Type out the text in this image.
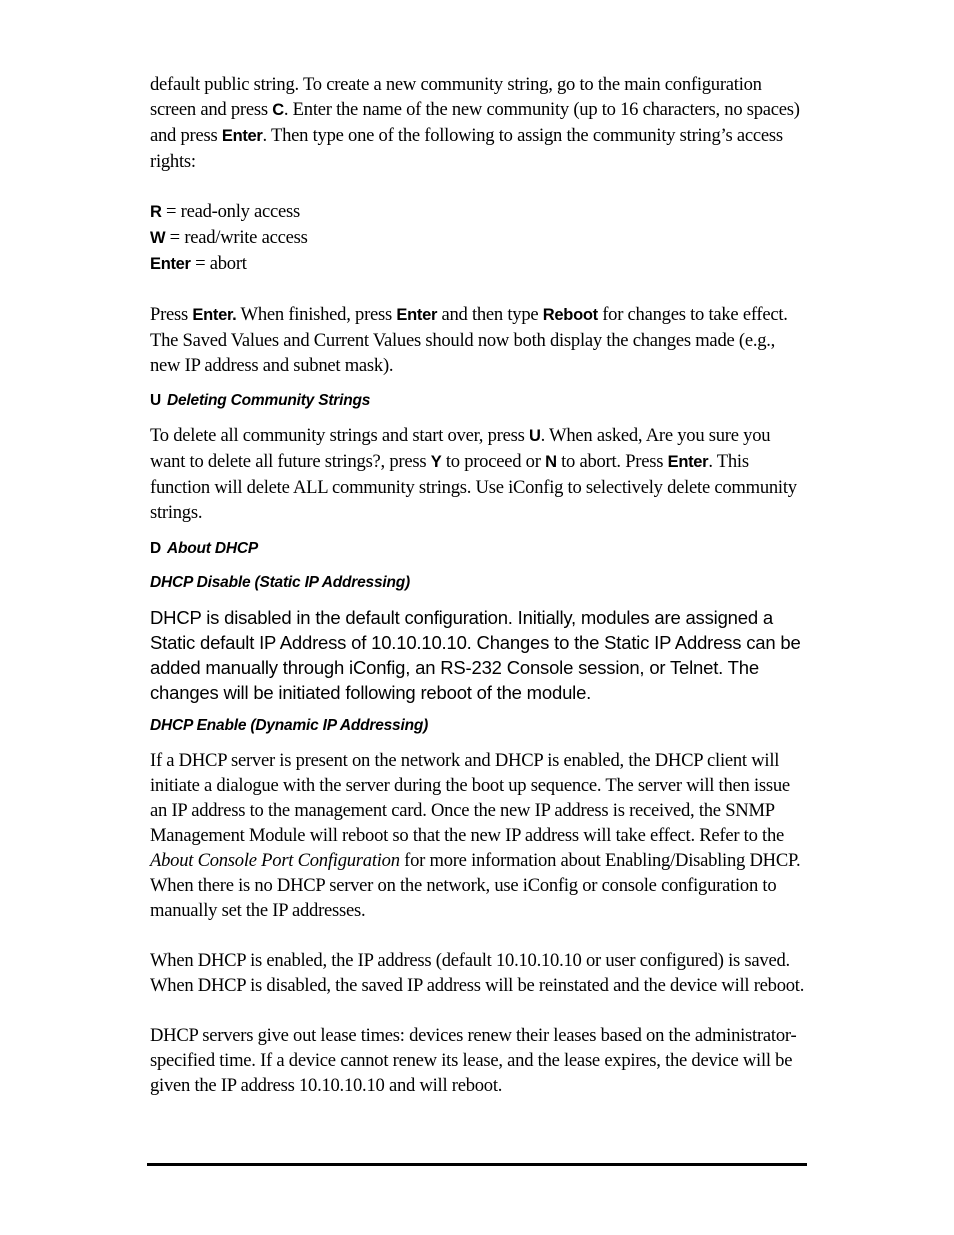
default public string. To create a new community string, go to the main configuration screen and press C. Enter the name of the new community (up to 16 characters, no spaces) and press Enter. Then type one of the following to assign the community string’s access rights:

R = read-only access

W = read/write access

Enter = abort

Press Enter. When finished, press Enter and then type Reboot for changes to take effect. The Saved Values and Current Values should now both display the changes made (e.g., new IP address and subnet mask).

U Deleting Community Strings

To delete all community strings and start over, press U. When asked, Are you sure you want to delete all future strings?, press Y to proceed or N to abort. Press Enter. This function will delete ALL community strings. Use iConfig to selectively delete community strings.

D About DHCP

DHCP Disable (Static IP Addressing)

DHCP is disabled in the default configuration. Initially, modules are assigned a Static default IP Address of 10.10.10.10. Changes to the Static IP Address can be added manually through iConfig, an RS-232 Console session, or Telnet. The changes will be initiated following reboot of the module.

DHCP Enable (Dynamic IP Addressing)

If a DHCP server is present on the network and DHCP is enabled, the DHCP client will initiate a dialogue with the server during the boot up sequence. The server will then issue an IP address to the management card. Once the new IP address is received, the SNMP Management Module will reboot so that the new IP address will take effect. Refer to the About Console Port Configuration for more information about Enabling/Disabling DHCP. When there is no DHCP server on the network, use iConfig or console configuration to manually set the IP addresses.

When DHCP is enabled, the IP address (default 10.10.10.10 or user configured) is saved. When DHCP is disabled, the saved IP address will be reinstated and the device will reboot.

DHCP servers give out lease times: devices renew their leases based on the administrator-specified time. If a device cannot renew its lease, and the lease expires, the device will be given the IP address 10.10.10.10 and will reboot.
